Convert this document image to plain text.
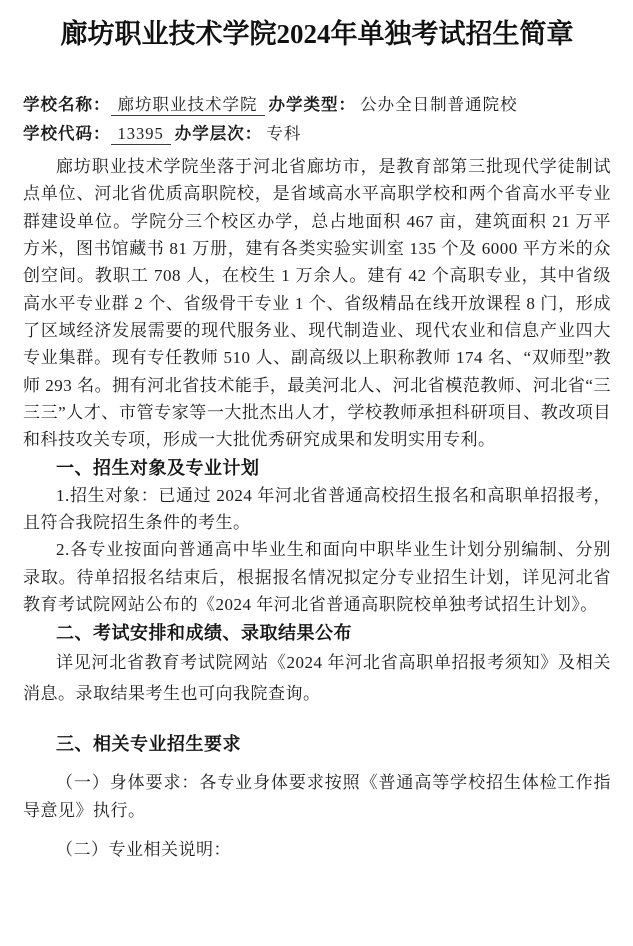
廊坊职业技术学院2024年单独考试招生简章
学校名称： 廊坊职业技术学院 办学类型： 公办全日制普通院校
学校代码： 13395 办学层次： 专科

廊坊职业技术学院坐落于河北省廊坊市，是教育部第三批现代学徒制试点单位、河北省优质高职院校，是省域高水平高职学校和两个省高水平专业群建设单位。学院分三个校区办学，总占地面积 467 亩，建筑面积 21 万平方米，图书馆藏书 81 万册，建有各类实验实训室 135 个及 6000 平方米的众创空间。教职工 708 人，在校生 1 万余人。建有 42 个高职专业，其中省级高水平专业群 2 个、省级骨干专业 1 个、省级精品在线开放课程 8 门，形成了区域经济发展需要的现代服务业、现代制造业、现代农业和信息产业四大专业集群。现有专任教师 510 人、副高级以上职称教师 174 名、“双师型”教师 293 名。拥有河北省技术能手，最美河北人、河北省模范教师、河北省“三三三”人才、市管专家等一大批杰出人才，学校教师承担科研项目、教改项目和科技攻关专项，形成一大批优秀研究成果和发明实用专利。

一、招生对象及专业计划

1.招生对象：已通过 2024 年河北省普通高校招生报名和高职单招报考，且符合我院招生条件的考生。

2.各专业按面向普通高中毕业生和面向中职毕业生计划分别编制、分别录取。待单招报名结束后，根据报名情况拟定分专业招生计划，详见河北省教育考试院网站公布的《2024 年河北省普通高职院校单独考试招生计划》。

二、考试安排和成绩、录取结果公布

详见河北省教育考试院网站《2024 年河北省高职单招报考须知》及相关消息。录取结果考生也可向我院查询。

三、相关专业招生要求

（一）身体要求：各专业身体要求按照《普通高等学校招生体检工作指导意见》执行。

（二）专业相关说明：
